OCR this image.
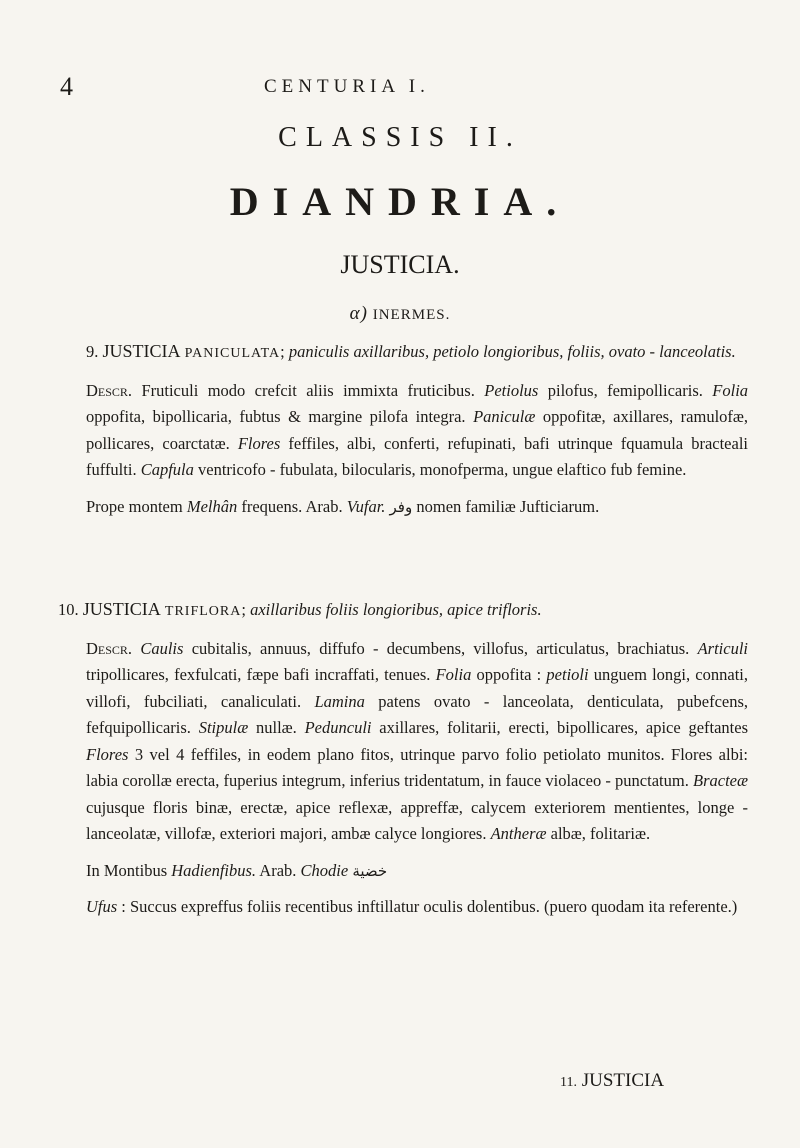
4	CENTURIA I.
CLASSIS II.
DIANDRIA.
JUSTICIA.
α) INERMES.
9. JUSTICIA PANICULATA; paniculis axillaribus, petiolo longioribus, foliis, ovato - lanceolatis.
Descr. Fruticuli modo crefcit aliis immixta fruticibus. Petiolus pilofus, femipollicaris. Folia oppofita, bipollicaria, fubtus & margine pilofa integra. Paniculæ oppofitæ, axillares, ramulofæ, pollicares, coarctatæ. Flores feffiles, albi, conferti, refupinati, bafi utrinque fquamula bracteali fuffulti. Capfula ventricofo - fubulata, bilocularis, monofperma, ungue elaftico fub femine.
Prope montem Melhân frequens. Arab. Vufar. وفر nomen familiæ Jufticiarum.
10. JUSTICIA TRIFLORA; axillaribus foliis longioribus, apice trifloris.
Descr. Caulis cubitalis, annuus, diffufo - decumbens, villofus, articulatus, brachiatus. Articuli tripollicares, fexfulcati, fæpe bafi incraffati, tenues. Folia oppofita : petioli unguem longi, connati, villofi, fubciliati, canaliculati. Lamina patens ovato - lanceolata, denticulata, pubefcens, fefquipollicaris. Stipulæ nullæ. Pedunculi axillares, folitarii, erecti, bipollicares, apice geftantes Flores 3 vel 4 feffiles, in eodem plano fitos, utrinque parvo folio petiolato munitos. Flores albi: labia corollæ erecta, fuperius integrum, inferius tridentatum, in fauce violaceo - punctatum. Bracteæ cujusque floris binæ, erectæ, apice reflexæ, appreffæ, calycem exteriorem mentientes, longe - lanceolatæ, villofæ, exteriori majori, ambæ calyce longiores. Antheræ albæ, folitariæ.
In Montibus Hadienfibus. Arab. Chodie خضية
Ufus : Succus expreffus foliis recentibus inftillatur oculis dolentibus. (puero quodam ita referente.)
11. JUSTICIA
